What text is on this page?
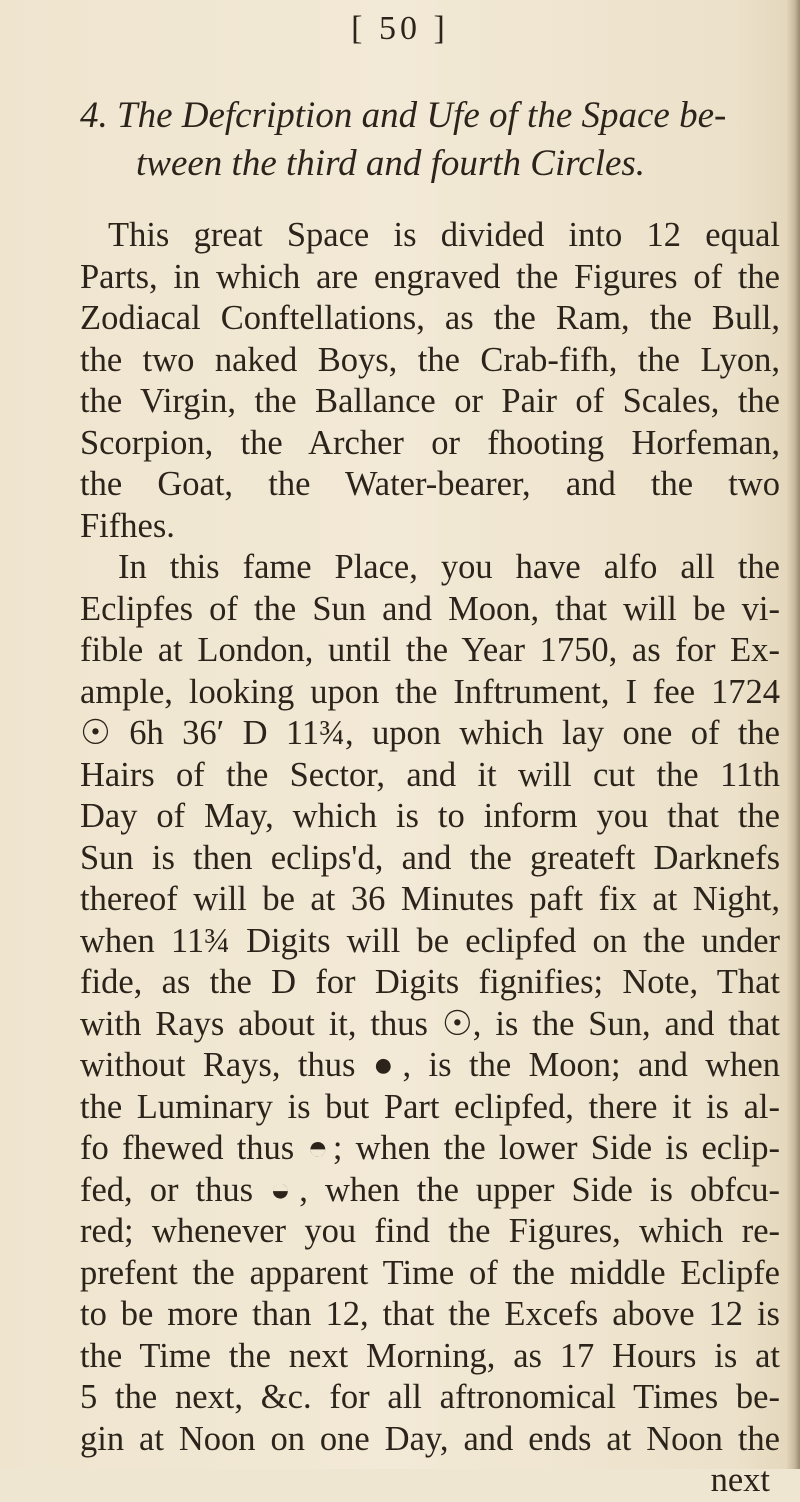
[ 50 ]
4. The Defcription and Ufe of the Space be-
tween the third and fourth Circles.
This great Space is divided into 12 equal
Parts, in which are engraved the Figures of the
Zodiacal Conftellations, as the Ram, the Bull,
the two naked Boys, the Crab-fifh, the Lyon,
the Virgin, the Ballance or Pair of Scales, the
Scorpion, the Archer or fhooting Horfeman,
the Goat, the Water-bearer, and the two
Fifhes.
In this fame Place, you have alfo all the
Eclipfes of the Sun and Moon, that will be vi-
fible at London, until the Year 1750, as for Ex-
ample, looking upon the Inftrument, I fee 1724
☉ 6h 36′ D 11¾, upon which lay one of the
Hairs of the Sector, and it will cut the 11th
Day of May, which is to inform you that the
Sun is then eclips'd, and the greateft Darknefs
thereof will be at 36 Minutes paft fix at Night,
when 11¾ Digits will be eclipfed on the under
fide, as the D for Digits fignifies; Note, That
with Rays about it, thus ☉, is the Sun, and that
without Rays, thus ●, is the Moon; and when
the Luminary is but Part eclipfed, there it is al-
fo fhewed thus ◓; when the lower Side is eclip-
fed, or thus ◒, when the upper Side is obfcu-
red; whenever you find the Figures, which re-
prefent the apparent Time of the middle Eclipfe
to be more than 12, that the Excefs above 12 is
the Time the next Morning, as 17 Hours is at
5 the next, &c. for all aftronomical Times be-
gin at Noon on one Day, and ends at Noon the
next
